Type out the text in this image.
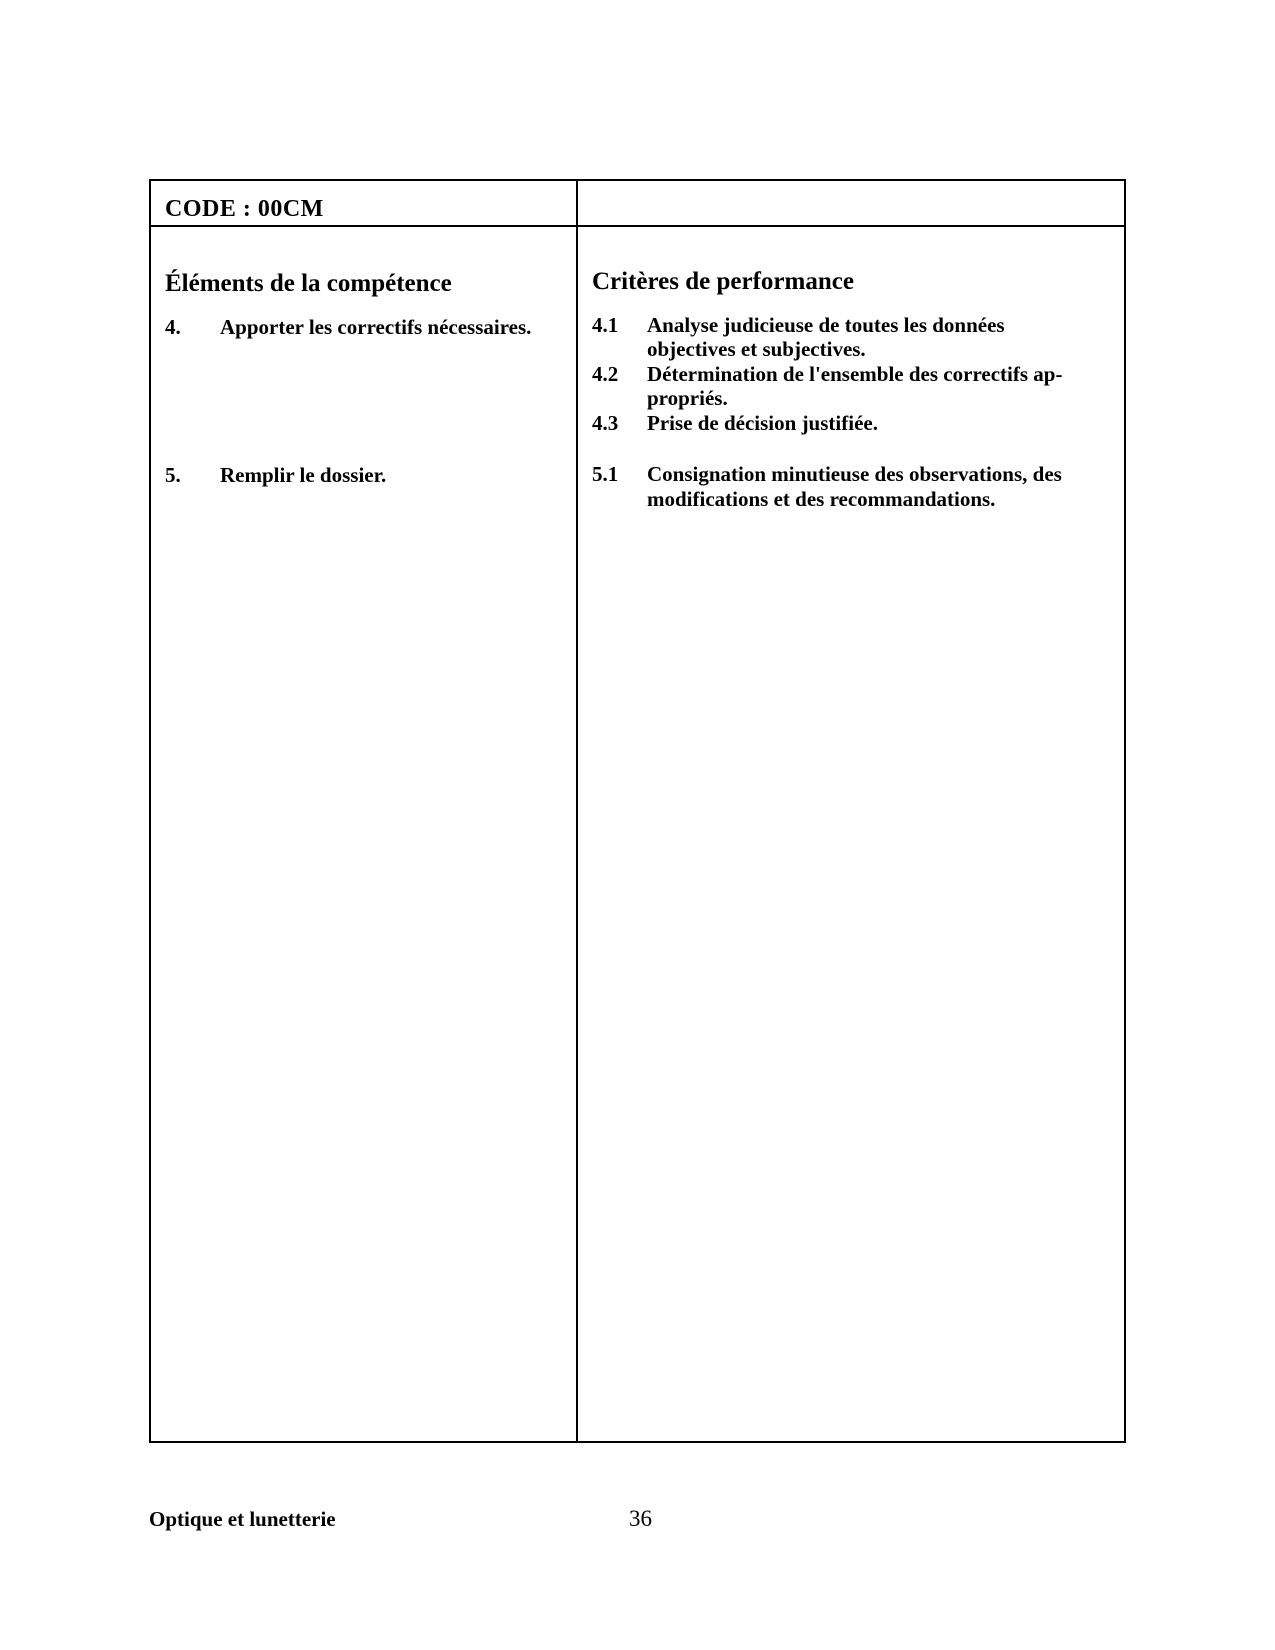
CODE : 00CM
Éléments de la compétence	Critères de performance
4. Apporter les correctifs nécessaires.
5. Remplir le dossier.
4.1 Analyse judicieuse de toutes les données
objectives et subjectives.
4.2 Détermination de l'ensemble des correctifs ap-
propriés.
4.3 Prise de décision justifiée.
5.1 Consignation minutieuse des observations, des
modifications et des recommandations.
Optique et lunetterie	36
